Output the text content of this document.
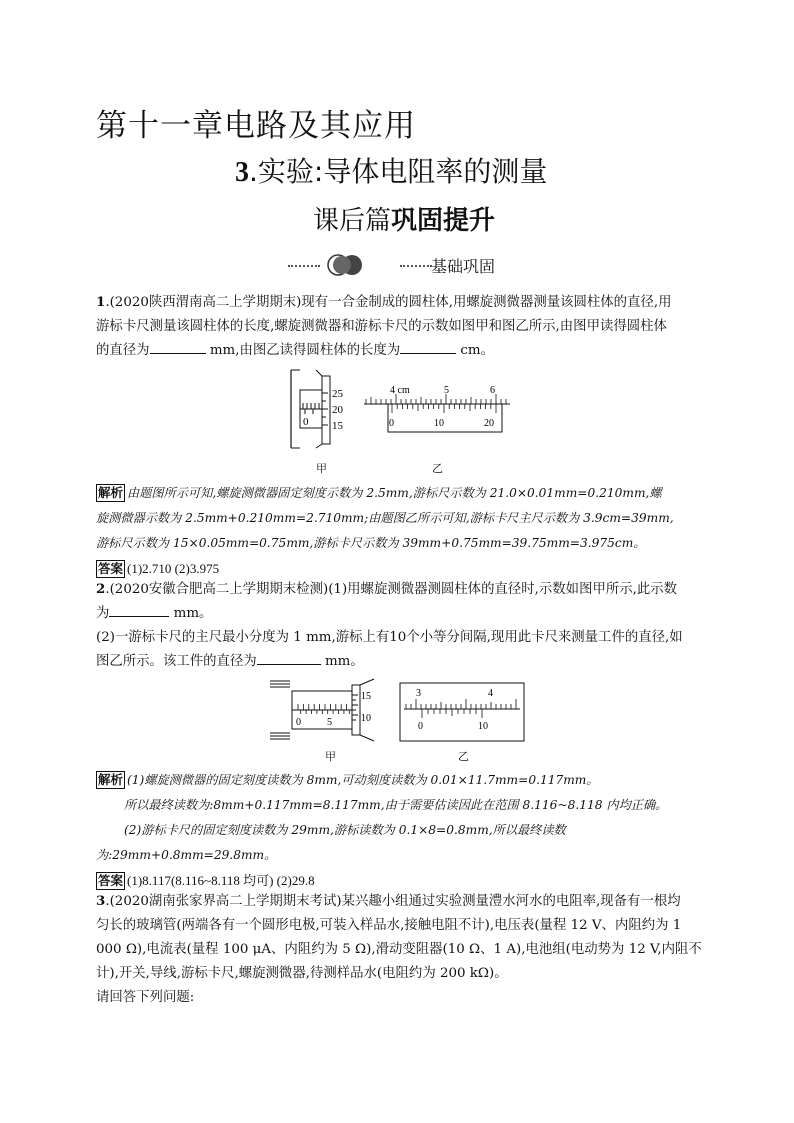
第十一章电路及其应用
3.实验:导体电阻率的测量
课后篇巩固提升
基础巩固
1.(2020陕西渭南高二上学期期末)现有一合金制成的圆柱体,用螺旋测微器测量该圆柱体的直径,用
游标卡尺测量该圆柱体的长度,螺旋测微器和游标卡尺的示数如图甲和图乙所示,由图甲读得圆柱体
的直径为	mm,由图乙读得圆柱体的长度为	cm。
25
20
15
0
4 cm	5	6
0	10	20
甲	乙
解析 由题图所示可知,螺旋测微器固定刻度示数为 2.5mm,游标尺示数为 21.0×0.01mm=0.210mm,螺
旋测微器示数为 2.5mm+0.210mm=2.710mm;由题图乙所示可知,游标卡尺主尺示数为 3.9cm=39mm,
游标尺示数为 15×0.05mm=0.75mm,游标卡尺示数为 39mm+0.75mm=39.75mm=3.975cm。
答案 (1)2.710 (2)3.975
2.(2020安徽合肥高二上学期期末检测)(1)用螺旋测微器测圆柱体的直径时,示数如图甲所示,此示数
为	mm。
(2)一游标卡尺的主尺最小分度为 1 mm,游标上有10个小等分间隔,现用此卡尺来测量工件的直径,如
图乙所示。该工件的直径为	mm。
15
10
0	5
3	4
0	10
甲	乙
解析 (1)螺旋测微器的固定刻度读数为 8mm,可动刻度读数为 0.01×11.7mm=0.117mm。
所以最终读数为:8mm+0.117mm=8.117mm,由于需要估读因此在范围 8.116~8.118 内均正确。
(2)游标卡尺的固定刻度读数为 29mm,游标读数为 0.1×8=0.8mm,所以最终读数
为:29mm+0.8mm=29.8mm。
答案 (1)8.117(8.116~8.118 均可) (2)29.8
3.(2020湖南张家界高二上学期期末考试)某兴趣小组通过实验测量澧水河水的电阻率,现备有一根均
匀长的玻璃管(两端各有一个圆形电极,可装入样品水,接触电阻不计),电压表(量程 12 V、内阻约为 1
000 Ω),电流表(量程 100 μA、内阻约为 5 Ω),滑动变阻器(10 Ω、1 A),电池组(电动势为 12 V,内阻不
计),开关,导线,游标卡尺,螺旋测微器,待测样品水(电阻约为 200 kΩ)。
请回答下列问题:
